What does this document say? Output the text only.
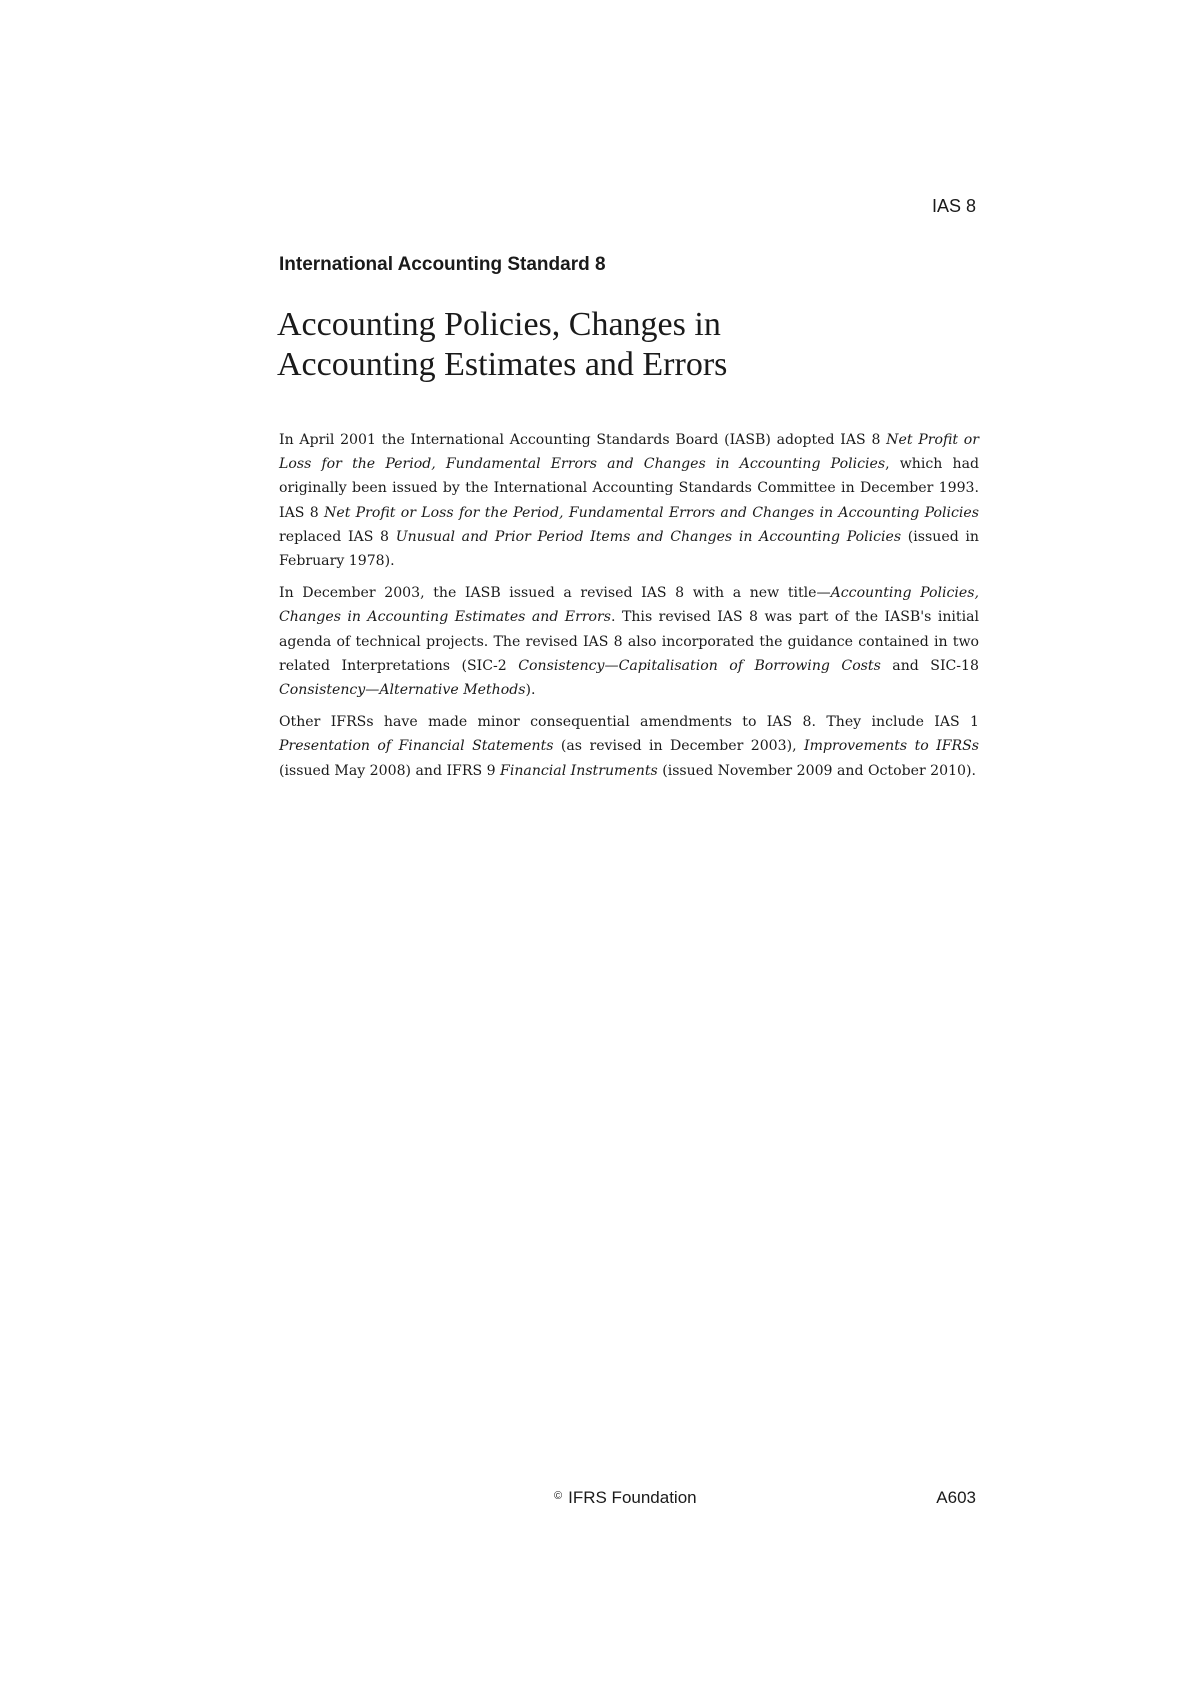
IAS 8
International Accounting Standard 8
Accounting Policies, Changes in
Accounting Estimates and Errors

In April 2001 the International Accounting Standards Board (IASB) adopted IAS 8 Net Profit or Loss for the Period, Fundamental Errors and Changes in Accounting Policies, which had originally been issued by the International Accounting Standards Committee in December 1993. IAS 8 Net Profit or Loss for the Period, Fundamental Errors and Changes in Accounting Policies replaced IAS 8 Unusual and Prior Period Items and Changes in Accounting Policies (issued in February 1978).

In December 2003, the IASB issued a revised IAS 8 with a new title—Accounting Policies, Changes in Accounting Estimates and Errors. This revised IAS 8 was part of the IASB's initial agenda of technical projects. The revised IAS 8 also incorporated the guidance contained in two related Interpretations (SIC-2 Consistency—Capitalisation of Borrowing Costs and SIC-18 Consistency—Alternative Methods).

Other IFRSs have made minor consequential amendments to IAS 8. They include IAS 1 Presentation of Financial Statements (as revised in December 2003), Improvements to IFRSs (issued May 2008) and IFRS 9 Financial Instruments (issued November 2009 and October 2010).

© IFRS Foundation	A603
